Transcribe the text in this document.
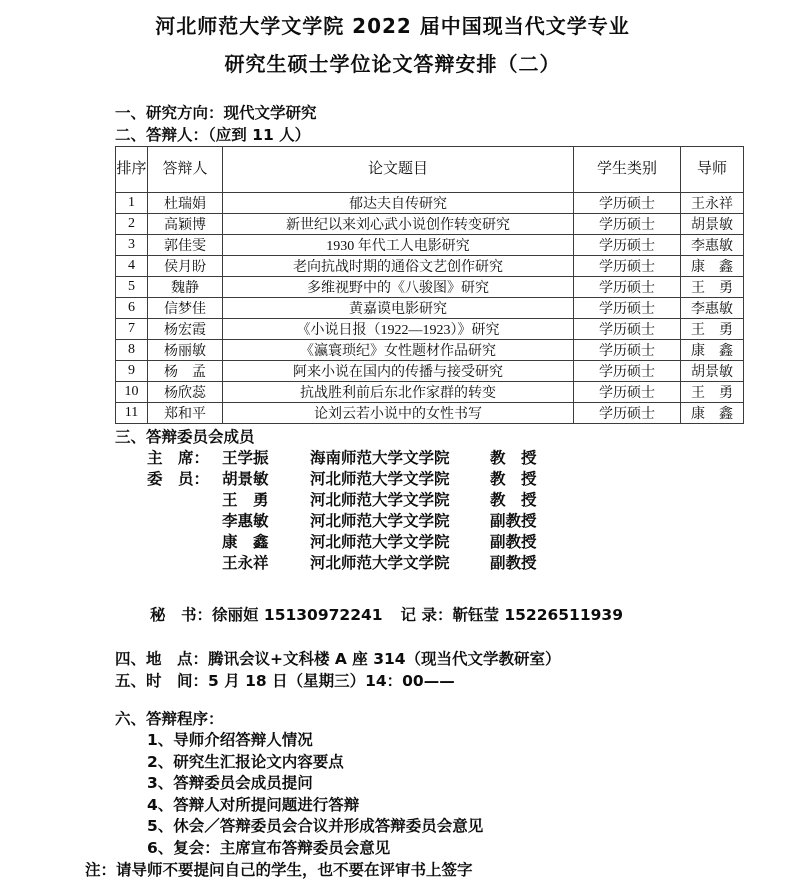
河北师范大学文学院 2022 届中国现当代文学专业
研究生硕士学位论文答辩安排（二）
一、研究方向：现代文学研究
二、答辩人：（应到 11 人）
排序	答辩人	论文题目	学生类别	导师
1	杜瑞娟	郁达夫自传研究	学历硕士	王永祥
2	高颖博	新世纪以来刘心武小说创作转变研究	学历硕士	胡景敏
3	郭佳雯	1930 年代工人电影研究	学历硕士	李惠敏
4	侯月盼	老向抗战时期的通俗文艺创作研究	学历硕士	康　鑫
5	魏静	多维视野中的《八骏图》研究	学历硕士	王　勇
6	信梦佳	黄嘉谟电影研究	学历硕士	李惠敏
7	杨宏霞	《小说日报（1922—1923）》研究	学历硕士	王　勇
8	杨丽敏	《瀛寰琐纪》女性题材作品研究	学历硕士	康　鑫
9	杨　孟	阿来小说在国内的传播与接受研究	学历硕士	胡景敏
10	杨欣蕊	抗战胜利前后东北作家群的转变	学历硕士	王　勇
11	郑和平	论刘云若小说中的女性书写	学历硕士	康　鑫
三、答辩委员会成员
主　席： 王学振	海南师范大学文学院	教　授
委　员： 胡景敏	河北师范大学文学院	教　授
王　勇	河北师范大学文学院	教　授
李惠敏	河北师范大学文学院	副教授
康　鑫	河北师范大学文学院	副教授
王永祥	河北师范大学文学院	副教授
秘　书：徐丽姮 15130972241 记 录：靳钰莹 15226511939
四、地　点：腾讯会议+文科楼 A 座 314（现当代文学教研室）
五、时　间：5 月 18 日（星期三）14：00——
六、答辩程序：
1、导师介绍答辩人情况
2、研究生汇报论文内容要点
3、答辩委员会成员提问
4、答辩人对所提问题进行答辩
5、休会／答辩委员会合议并形成答辩委员会意见
6、复会：主席宣布答辩委员会意见
注：请导师不要提问自己的学生，也不要在评审书上签字
